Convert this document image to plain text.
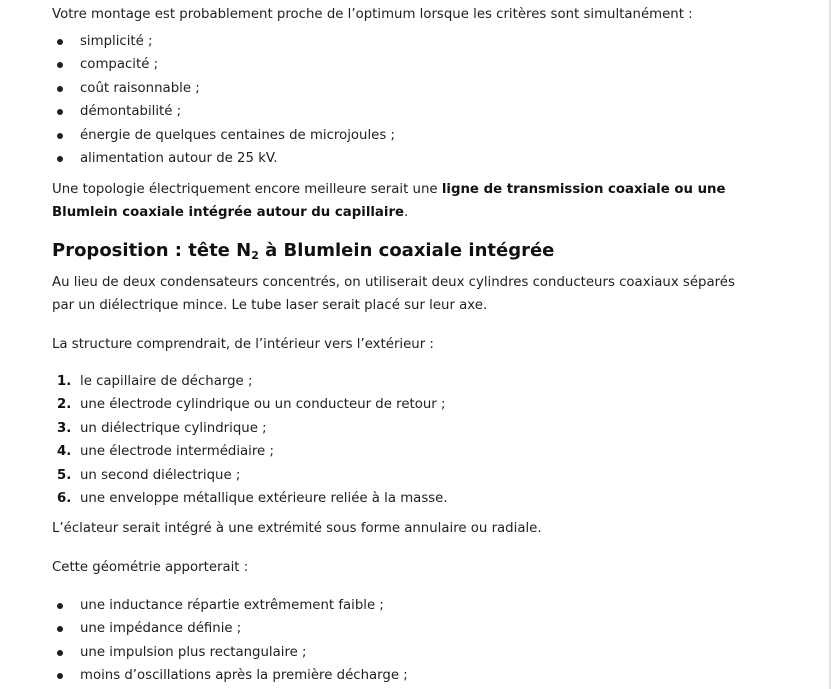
Votre montage est probablement proche de l’optimum lorsque les critères sont simultanément :

simplicité ;
compacité ;
coût raisonnable ;
démontabilité ;
énergie de quelques centaines de microjoules ;
alimentation autour de 25 kV.

Une topologie électriquement encore meilleure serait une ligne de transmission coaxiale ou une Blumlein coaxiale intégrée autour du capillaire.

Proposition : tête $N_2$ à Blumlein coaxiale intégrée

Au lieu de deux condensateurs concentrés, on utiliserait deux cylindres conducteurs coaxiaux séparés par un diélectrique mince. Le tube laser serait placé sur leur axe.

La structure comprendrait, de l’intérieur vers l’extérieur :

1. le capillaire de décharge ;
2. une électrode cylindrique ou un conducteur de retour ;
3. un diélectrique cylindrique ;
4. une électrode intermédiaire ;
5. un second diélectrique ;
6. une enveloppe métallique extérieure reliée à la masse.

L’éclateur serait intégré à une extrémité sous forme annulaire ou radiale.

Cette géométrie apporterait :

une inductance répartie extrêmement faible ;
une impédance définie ;
une impulsion plus rectangulaire ;
moins d’oscillations après la première décharge ;
